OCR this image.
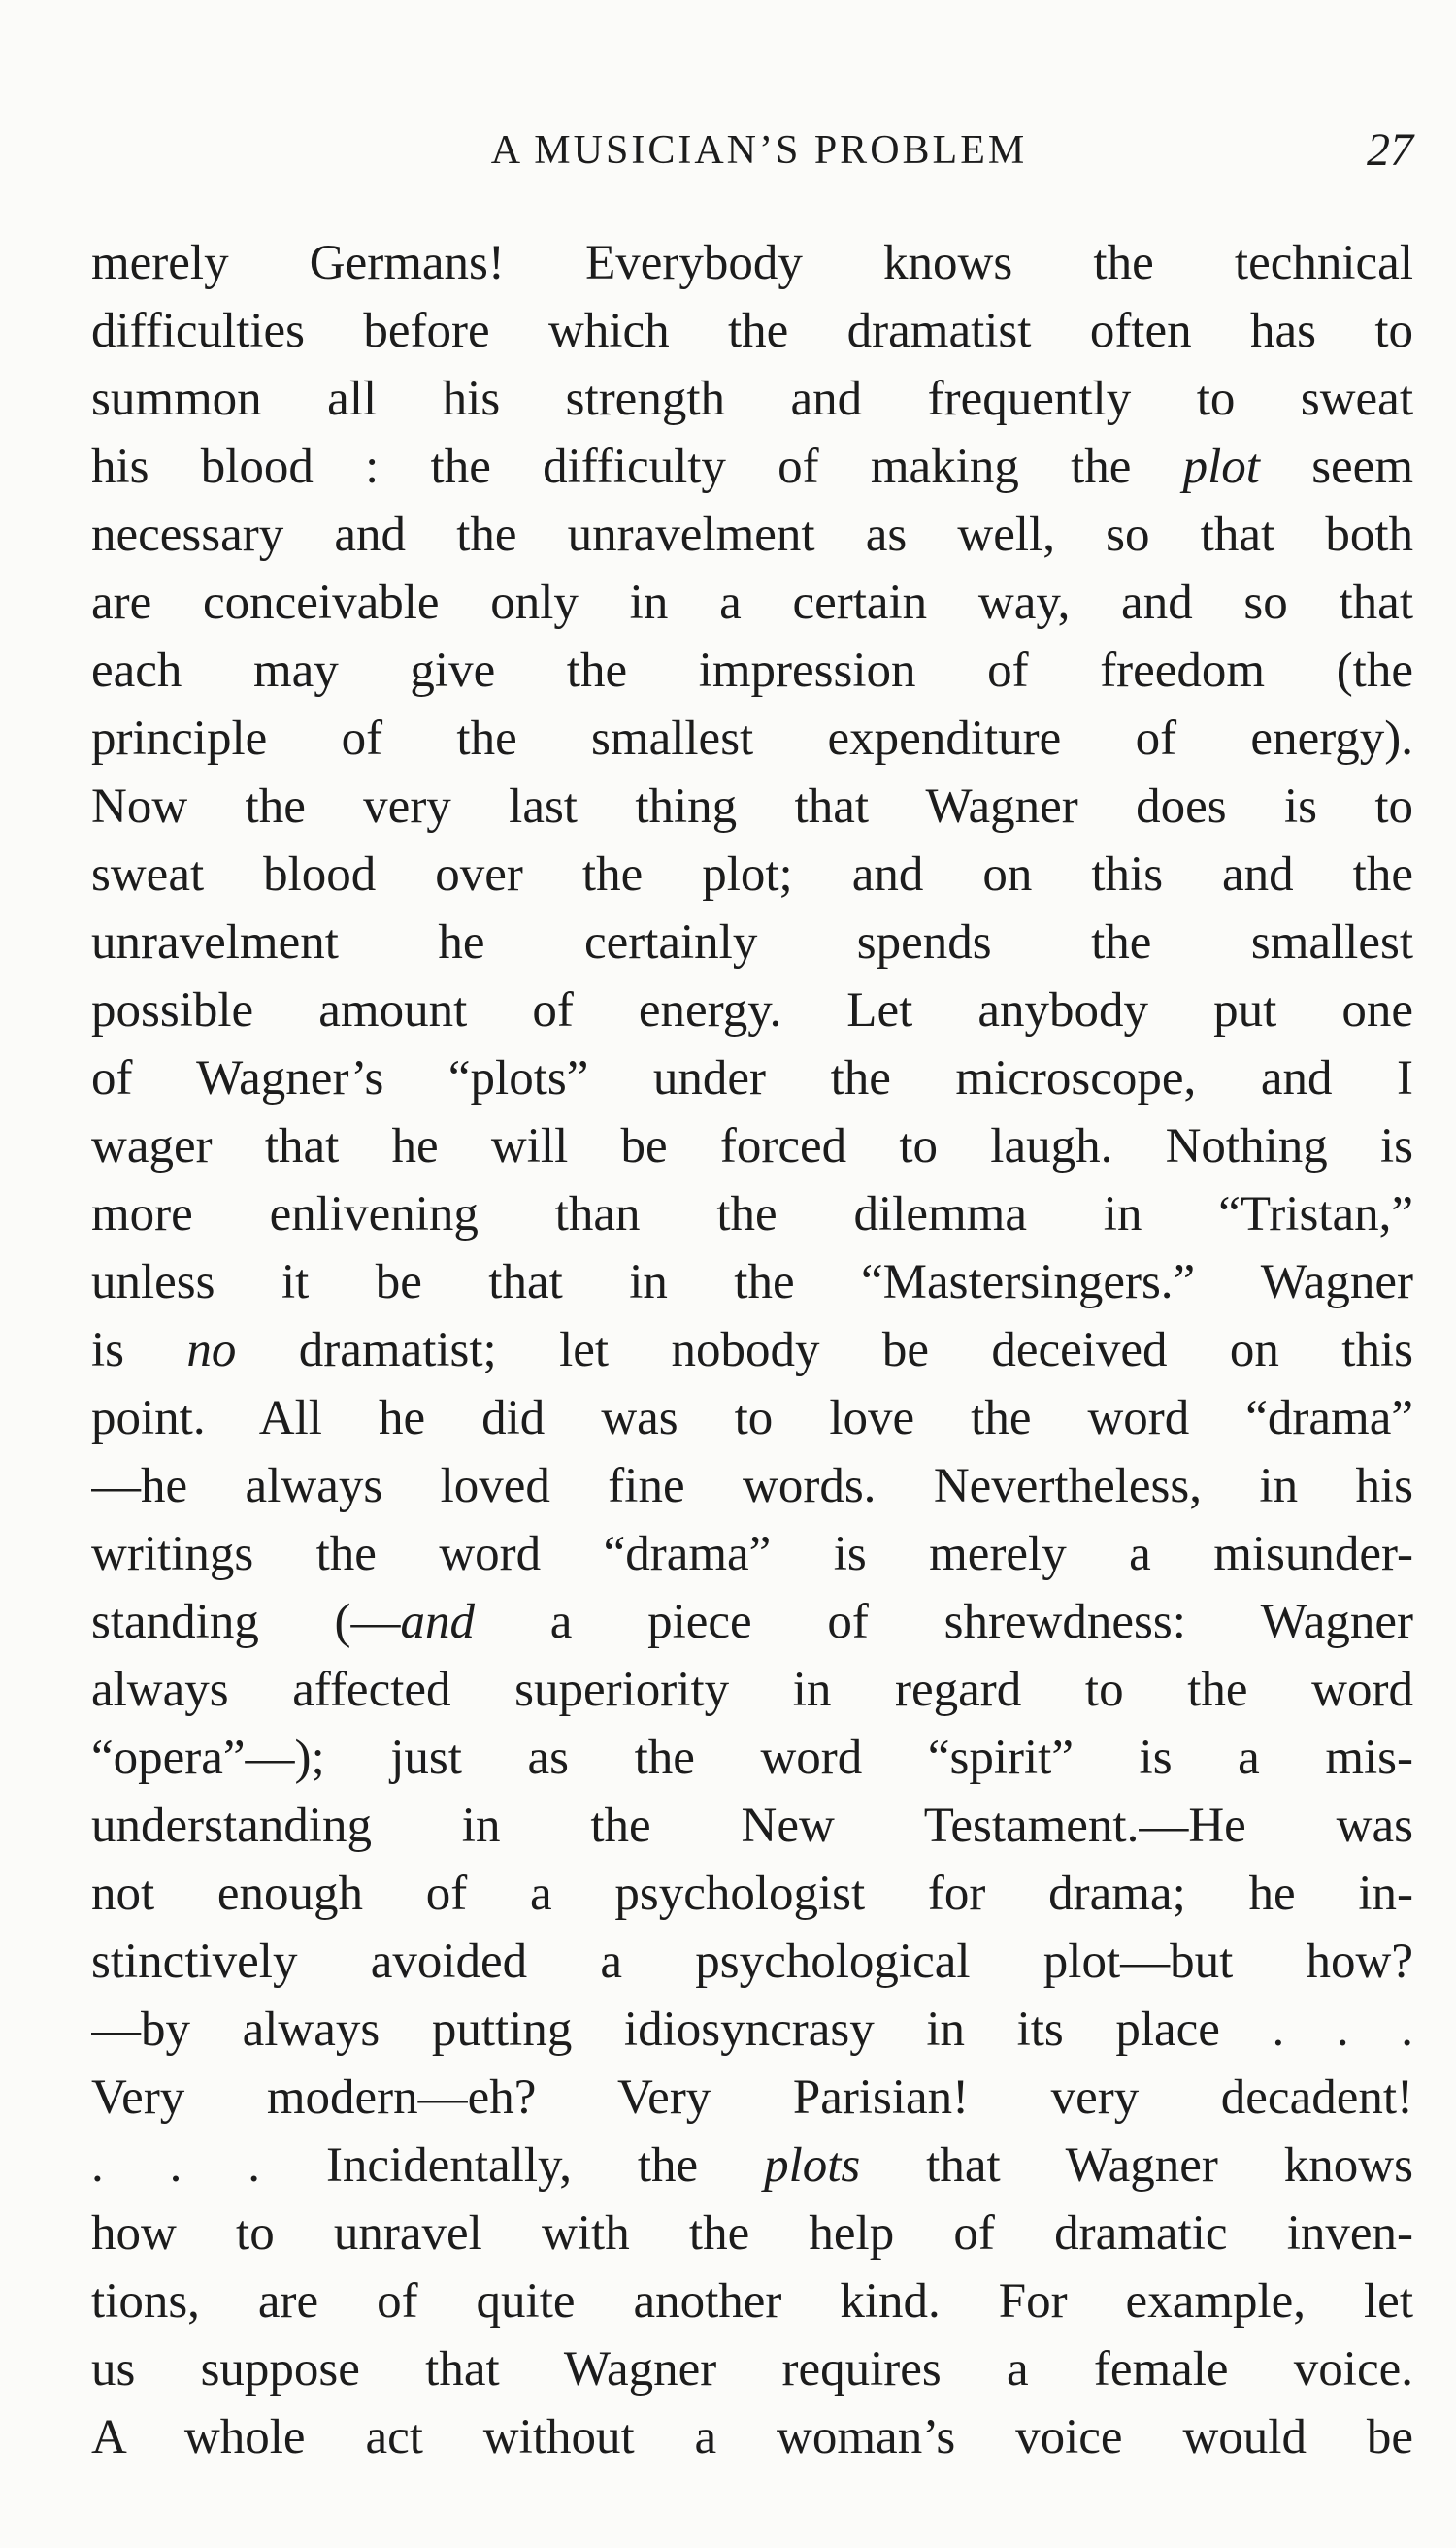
A MUSICIAN’S PROBLEM	27
merely Germans! Everybody knows the technical
difficulties before which the dramatist often has to
summon all his strength and frequently to sweat
his blood : the difficulty of making the plot seem
necessary and the unravelment as well, so that both
are conceivable only in a certain way, and so that
each may give the impression of freedom (the
principle of the smallest expenditure of energy).
Now the very last thing that Wagner does is to
sweat blood over the plot; and on this and the
unravelment he certainly spends the smallest
possible amount of energy. Let anybody put one
of Wagner’s “plots” under the microscope, and I
wager that he will be forced to laugh. Nothing is
more enlivening than the dilemma in “Tristan,”
unless it be that in the “Mastersingers.” Wagner
is no dramatist; let nobody be deceived on this
point. All he did was to love the word “drama”
—he always loved fine words. Nevertheless, in his
writings the word “drama” is merely a misunder-
standing (—and a piece of shrewdness: Wagner
always affected superiority in regard to the word
“opera”—); just as the word “spirit” is a mis-
understanding in the New Testament.—He was
not enough of a psychologist for drama; he in-
stinctively avoided a psychological plot—but how?
—by always putting idiosyncrasy in its place . . .
Very modern—eh? Very Parisian! very decadent!
. . . Incidentally, the plots that Wagner knows
how to unravel with the help of dramatic inven-
tions, are of quite another kind. For example, let
us suppose that Wagner requires a female voice.
A whole act without a woman’s voice would be
